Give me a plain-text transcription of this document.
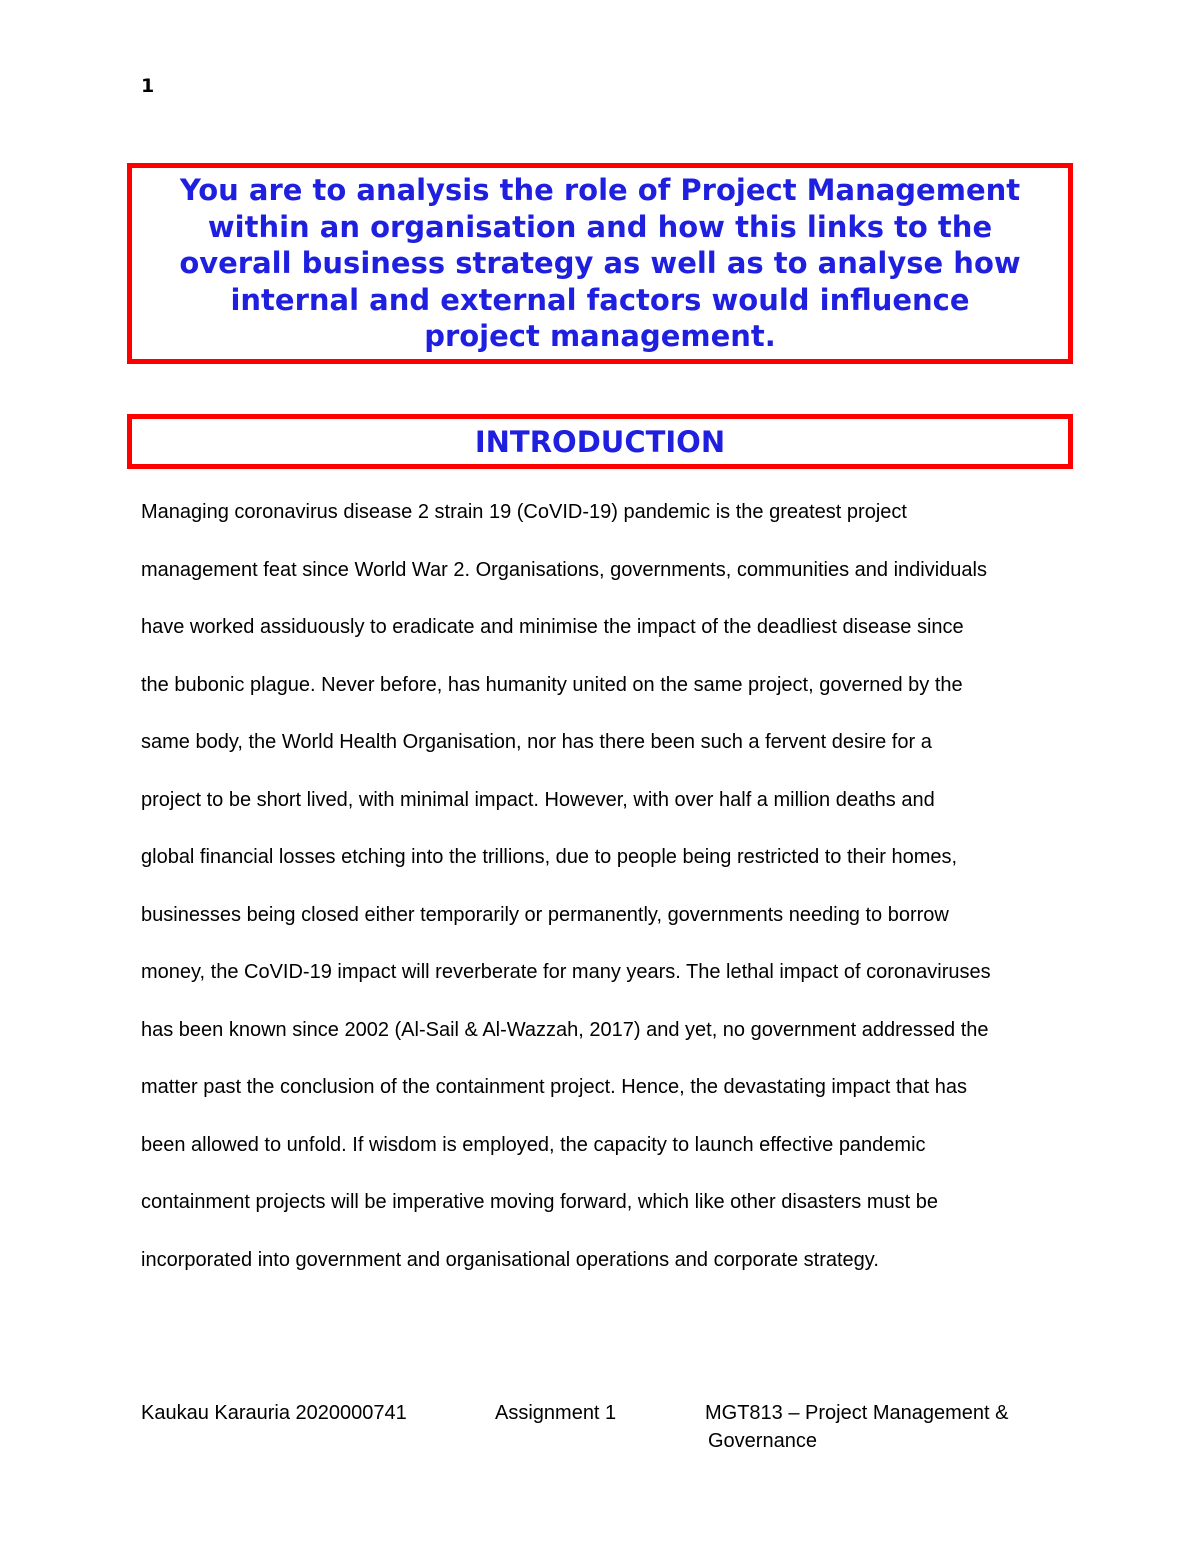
1

You are to analysis the role of Project Management
within an organisation and how this links to the
overall business strategy as well as to analyse how
internal and external factors would influence
project management.

INTRODUCTION
Managing coronavirus disease 2 strain 19 (CoVID-19) pandemic is the greatest project
management feat since World War 2. Organisations, governments, communities and individuals
have worked assiduously to eradicate and minimise the impact of the deadliest disease since
the bubonic plague. Never before, has humanity united on the same project, governed by the
same body, the World Health Organisation, nor has there been such a fervent desire for a
project to be short lived, with minimal impact. However, with over half a million deaths and
global financial losses etching into the trillions, due to people being restricted to their homes,
businesses being closed either temporarily or permanently, governments needing to borrow
money, the CoVID-19 impact will reverberate for many years. The lethal impact of coronaviruses
has been known since 2002 (Al-Sail & Al-Wazzah, 2017) and yet, no government addressed the
matter past the conclusion of the containment project. Hence, the devastating impact that has
been allowed to unfold. If wisdom is employed, the capacity to launch effective pandemic
containment projects will be imperative moving forward, which like other disasters must be
incorporated into government and organisational operations and corporate strategy.
Kaukau Karauria 2020000741	Assignment 1	MGT813 – Project Management &
Governance
